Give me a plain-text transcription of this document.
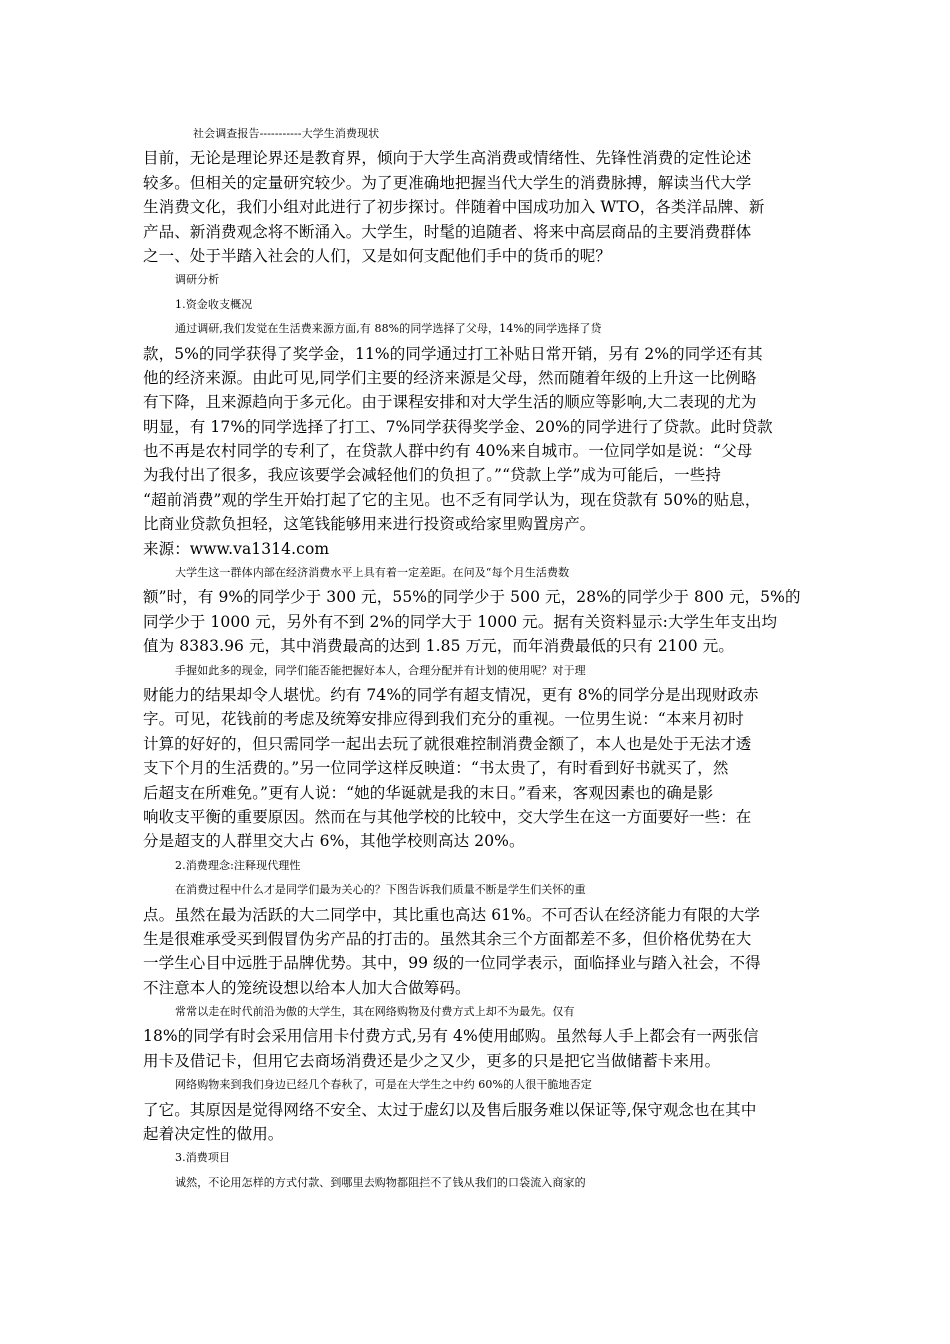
社会调查报告-----------大学生消费现状
目前，无论是理论界还是教育界，倾向于大学生高消费或情绪性、先锋性消费的定性论述
较多。但相关的定量研究较少。为了更准确地把握当代大学生的消费脉搏，解读当代大学
生消费文化，我们小组对此进行了初步探讨。伴随着中国成功加入 WTO，各类洋品牌、新
产品、新消费观念将不断涌入。大学生，时髦的追随者、将来中高层商品的主要消费群体
之一、处于半踏入社会的人们，又是如何支配他们手中的货币的呢？
调研分析
1.资金收支概况
通过调研,我们发觉在生活费来源方面,有 88%的同学选择了父母，14%的同学选择了贷
款，5%的同学获得了奖学金，11%的同学通过打工补贴日常开销，另有 2%的同学还有其
他的经济来源。由此可见,同学们主要的经济来源是父母，然而随着年级的上升这一比例略
有下降，且来源趋向于多元化。由于课程安排和对大学生活的顺应等影响,大二表现的尤为
明显，有 17%的同学选择了打工、7%同学获得奖学金、20%的同学进行了贷款。此时贷款
也不再是农村同学的专利了，在贷款人群中约有 40%来自城市。一位同学如是说：“父母
为我付出了很多，我应该要学会减轻他们的负担了。”“贷款上学”成为可能后，一些持
“超前消费”观的学生开始打起了它的主见。也不乏有同学认为，现在贷款有 50%的贴息，
比商业贷款负担轻，这笔钱能够用来进行投资或给家里购置房产。
来源：www.va1314.com
大学生这一群体内部在经济消费水平上具有着一定差距。在问及“每个月生活费数
额”时，有 9%的同学少于 300 元，55%的同学少于 500 元，28%的同学少于 800 元，5%的
同学少于 1000 元，另外有不到 2%的同学大于 1000 元。据有关资料显示:大学生年支出均
值为 8383.96 元，其中消费最高的达到 1.85 万元，而年消费最低的只有 2100 元。
手握如此多的现金，同学们能否能把握好本人，合理分配并有计划的使用呢？对于理
财能力的结果却令人堪忧。约有 74%的同学有超支情况，更有 8%的同学分是出现财政赤
字。可见，花钱前的考虑及统筹安排应得到我们充分的重视。一位男生说：“本来月初时
计算的好好的，但只需同学一起出去玩了就很难控制消费金额了，本人也是处于无法才透
支下个月的生活费的。”另一位同学这样反映道：“书太贵了，有时看到好书就买了，然
后超支在所难免。”更有人说：“她的华诞就是我的末日。”看来，客观因素也的确是影
响收支平衡的重要原因。然而在与其他学校的比较中，交大学生在这一方面要好一些：在
分是超支的人群里交大占 6%，其他学校则高达 20%。
2.消费理念:注释现代理性
在消费过程中什么才是同学们最为关心的？下图告诉我们质量不断是学生们关怀的重
点。虽然在最为活跃的大二同学中，其比重也高达 61%。不可否认在经济能力有限的大学
生是很难承受买到假冒伪劣产品的打击的。虽然其余三个方面都差不多，但价格优势在大
一学生心目中远胜于品牌优势。其中，99 级的一位同学表示，面临择业与踏入社会，不得
不注意本人的笼统设想以给本人加大合做筹码。
常常以走在时代前沿为傲的大学生，其在网络购物及付费方式上却不为最先。仅有
18%的同学有时会采用信用卡付费方式,另有 4%使用邮购。虽然每人手上都会有一两张信
用卡及借记卡，但用它去商场消费还是少之又少，更多的只是把它当做储蓄卡来用。
网络购物来到我们身边已经几个春秋了，可是在大学生之中约 60%的人很干脆地否定
了它。其原因是觉得网络不安全、太过于虚幻以及售后服务难以保证等,保守观念也在其中
起着决定性的做用。
3.消费项目
诚然，不论用怎样的方式付款、到哪里去购物都阻拦不了钱从我们的口袋流入商家的
